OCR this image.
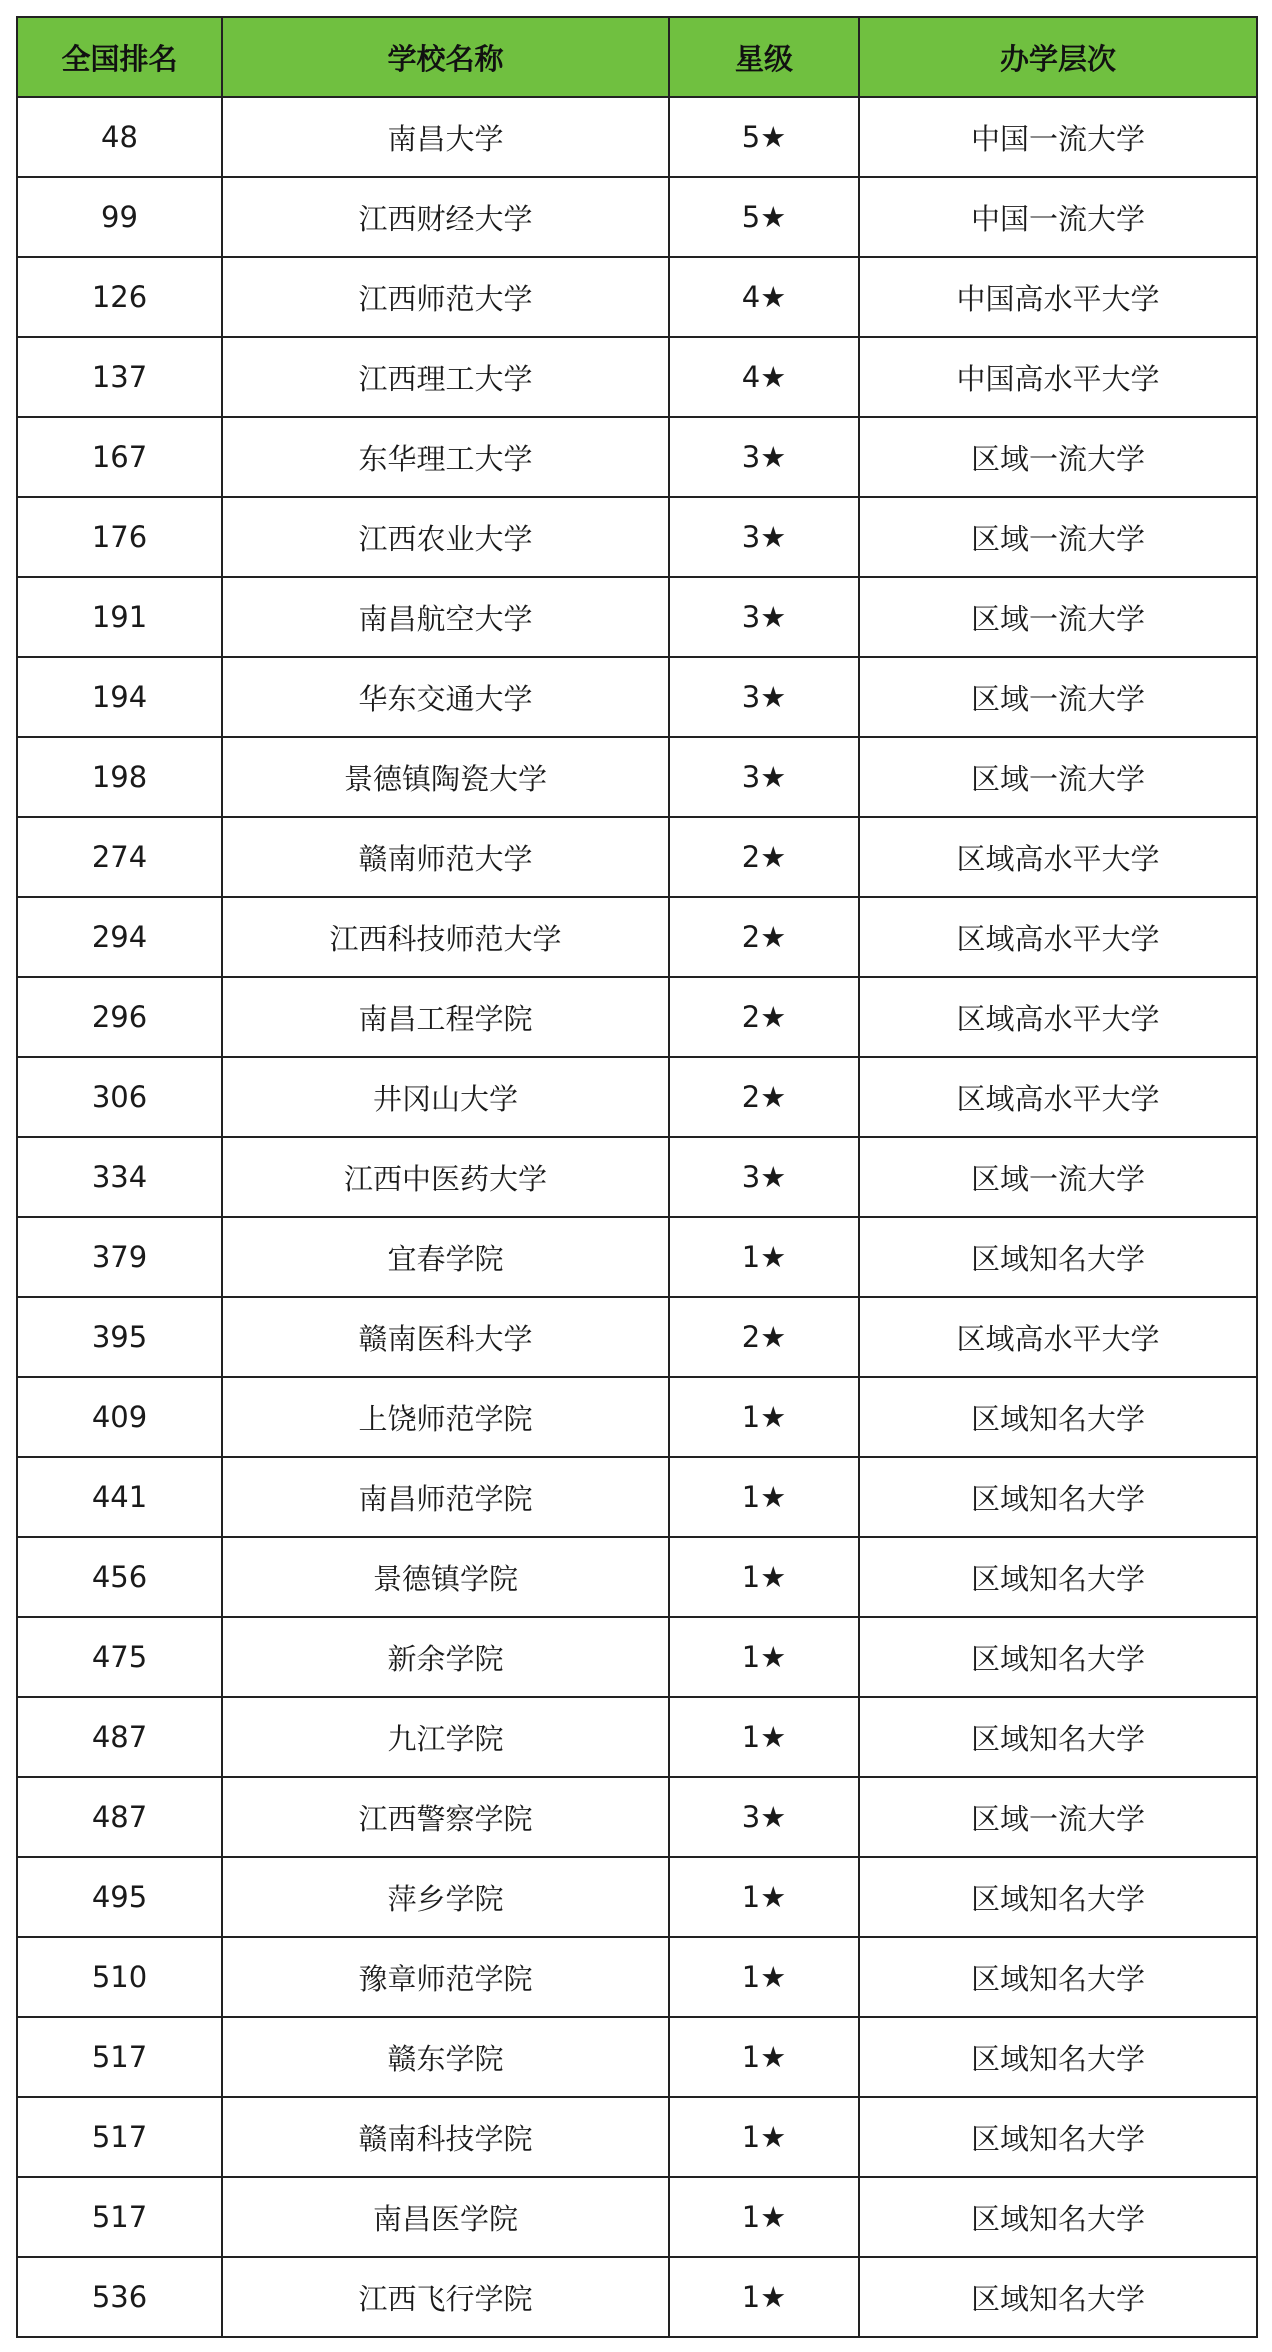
全国排名	学校名称	星级	办学层次
48	南昌大学	5★	中国一流大学
99	江西财经大学	5★	中国一流大学
126	江西师范大学	4★	中国高水平大学
137	江西理工大学	4★	中国高水平大学
167	东华理工大学	3★	区域一流大学
176	江西农业大学	3★	区域一流大学
191	南昌航空大学	3★	区域一流大学
194	华东交通大学	3★	区域一流大学
198	景德镇陶瓷大学	3★	区域一流大学
274	赣南师范大学	2★	区域高水平大学
294	江西科技师范大学	2★	区域高水平大学
296	南昌工程学院	2★	区域高水平大学
306	井冈山大学	2★	区域高水平大学
334	江西中医药大学	3★	区域一流大学
379	宜春学院	1★	区域知名大学
395	赣南医科大学	2★	区域高水平大学
409	上饶师范学院	1★	区域知名大学
441	南昌师范学院	1★	区域知名大学
456	景德镇学院	1★	区域知名大学
475	新余学院	1★	区域知名大学
487	九江学院	1★	区域知名大学
487	江西警察学院	3★	区域一流大学
495	萍乡学院	1★	区域知名大学
510	豫章师范学院	1★	区域知名大学
517	赣东学院	1★	区域知名大学
517	赣南科技学院	1★	区域知名大学
517	南昌医学院	1★	区域知名大学
536	江西飞行学院	1★	区域知名大学
